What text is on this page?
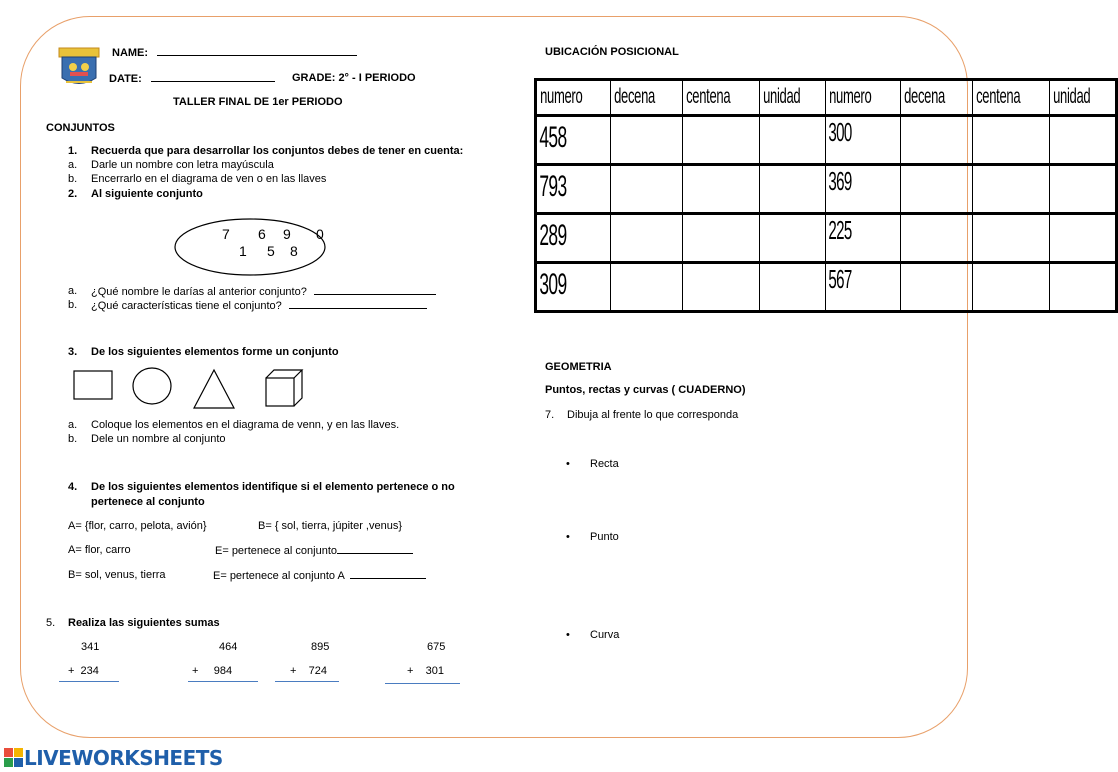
NAME:
DATE:	GRADE: 2° - I PERIODO
TALLER FINAL DE 1er PERIODO
CONJUNTOS
1. Recuerda que para desarrollar los conjuntos debes de tener en cuenta:
a. Darle un nombre con letra mayúscula
b. Encerrarlo en el diagrama de ven o en las llaves
2. Al siguiente conjunto
7 6 9 0
1 5 8
a. ¿Qué nombre le darías al anterior conjunto?
b. ¿Qué características tiene el conjunto?
3. De los siguientes elementos forme un conjunto
a. Coloque los elementos en el diagrama de venn, y en las llaves.
b. Dele un nombre al conjunto
4. De los siguientes elementos identifique si el elemento pertenece o no
pertenece al conjunto
A= {flor, carro, pelota, avión}	B= { sol, tierra, júpiter ,venus}
A= flor, carro	E= pertenece al conjunto
B= sol, venus, tierra	E= pertenece al conjunto A
5. Realiza las siguientes sumas
341
+  234
464
+     984
895
+    724
675
+    301
UBICACIÓN POSICIONAL
numero	decena	centena	unidad	numero	decena	centena	unidad
458				300			
793				369			
289				225			
309				567			
GEOMETRIA
Puntos, rectas y curvas ( CUADERNO)
7. Dibuja al frente lo que corresponda
• Recta
• Punto
• Curva
LIVEWORKSHEETS
